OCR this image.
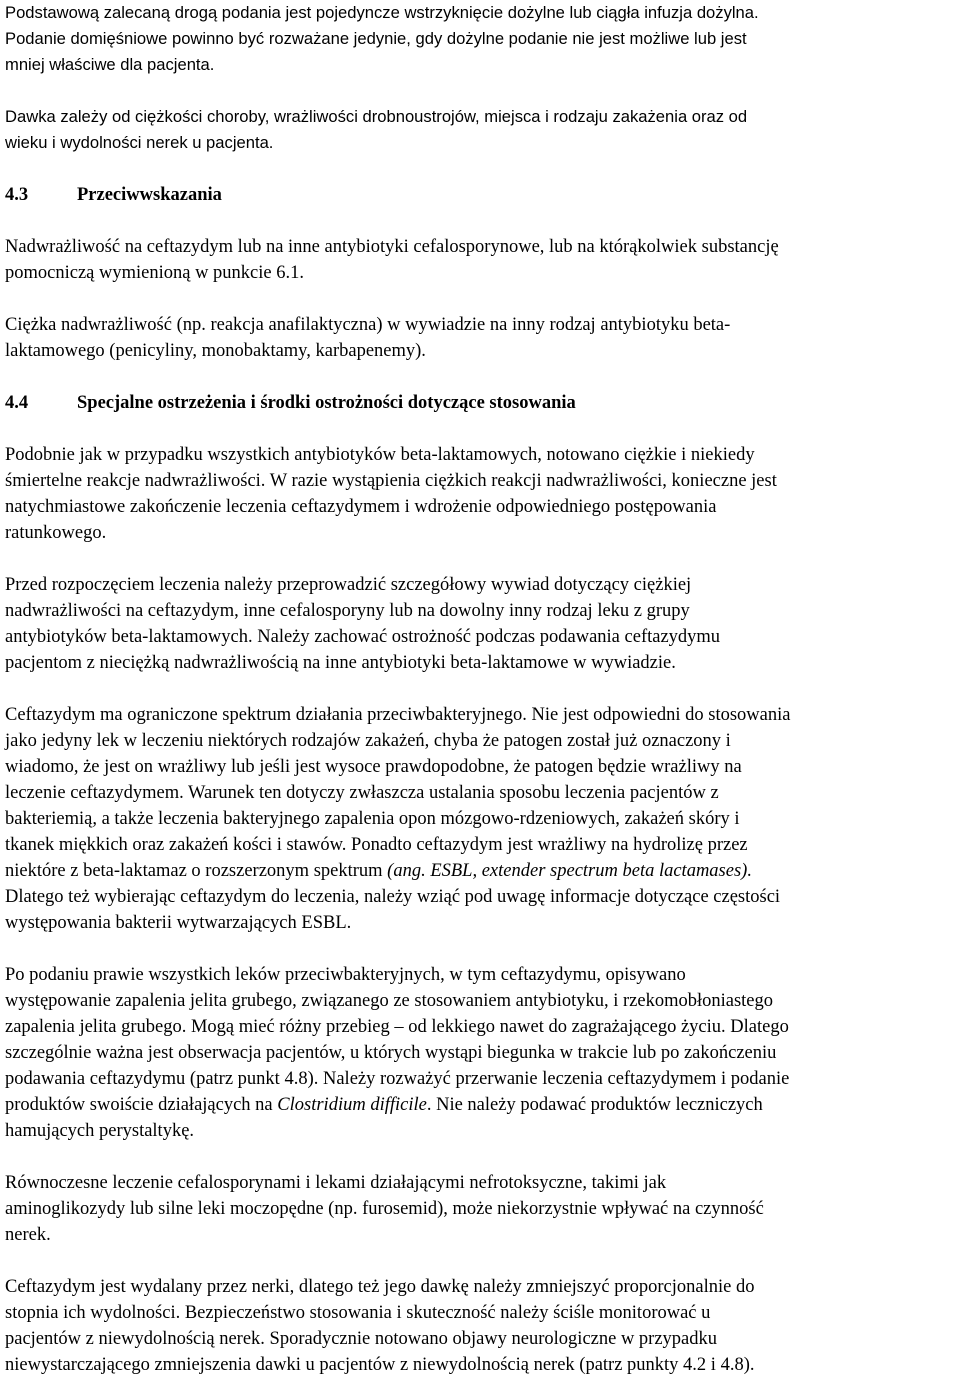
Podstawową zalecaną drogą podania jest pojedyncze wstrzyknięcie dożylne lub ciągła infuzja dożylna.

Podanie domięśniowe powinno być rozważane jedynie, gdy dożylne podanie nie jest możliwe lub jest

mniej właściwe dla pacjenta.

Dawka zależy od ciężkości choroby, wrażliwości drobnoustrojów, miejsca i rodzaju zakażenia oraz od

wieku i wydolności nerek u pacjenta.

4.3	Przeciwwskazania

Nadwrażliwość na ceftazydym lub na inne antybiotyki cefalosporynowe, lub na którąkolwiek substancję

pomocniczą wymienioną w punkcie 6.1.

Ciężka nadwrażliwość (np. reakcja anafilaktyczna) w wywiadzie na inny rodzaj antybiotyku beta-

laktamowego (penicyliny, monobaktamy, karbapenemy).

4.4	Specjalne ostrzeżenia i środki ostrożności dotyczące stosowania

Podobnie jak w przypadku wszystkich antybiotyków beta-laktamowych, notowano ciężkie i niekiedy

śmiertelne reakcje nadwrażliwości. W razie wystąpienia ciężkich reakcji nadwrażliwości, konieczne jest

natychmiastowe zakończenie leczenia ceftazydymem i wdrożenie odpowiedniego postępowania

ratunkowego.

Przed rozpoczęciem leczenia należy przeprowadzić szczegółowy wywiad dotyczący ciężkiej

nadwrażliwości na ceftazydym, inne cefalosporyny lub na dowolny inny rodzaj leku z grupy

antybiotyków beta-laktamowych. Należy zachować ostrożność podczas podawania ceftazydymu

pacjentom z nieciężką nadwrażliwością na inne antybiotyki beta-laktamowe w wywiadzie.

Ceftazydym ma ograniczone spektrum działania przeciwbakteryjnego. Nie jest odpowiedni do stosowania

jako jedyny lek w leczeniu niektórych rodzajów zakażeń, chyba że patogen został już oznaczony i

wiadomo, że jest on wrażliwy lub jeśli jest wysoce prawdopodobne, że patogen będzie wrażliwy na

leczenie ceftazydymem. Warunek ten dotyczy zwłaszcza ustalania sposobu leczenia pacjentów z

bakteriemią, a także leczenia bakteryjnego zapalenia opon mózgowo-rdzeniowych, zakażeń skóry i

tkanek miękkich oraz zakażeń kości i stawów. Ponadto ceftazydym jest wrażliwy na hydrolizę przez

niektóre z beta-laktamaz o rozszerzonym spektrum (ang. ESBL, extender spectrum beta lactamases).

Dlatego też wybierając ceftazydym do leczenia, należy wziąć pod uwagę informacje dotyczące częstości

występowania bakterii wytwarzających ESBL.

Po podaniu prawie wszystkich leków przeciwbakteryjnych, w tym ceftazydymu, opisywano

występowanie zapalenia jelita grubego, związanego ze stosowaniem antybiotyku, i rzekomobłoniastego

zapalenia jelita grubego. Mogą mieć różny przebieg – od lekkiego nawet do zagrażającego życiu. Dlatego

szczególnie ważna jest obserwacja pacjentów, u których wystąpi biegunka w trakcie lub po zakończeniu

podawania ceftazydymu (patrz punkt 4.8). Należy rozważyć przerwanie leczenia ceftazydymem i podanie

produktów swoiście działających na Clostridium difficile. Nie należy podawać produktów leczniczych

hamujących perystaltykę.

Równoczesne leczenie cefalosporynami i lekami działającymi nefrotoksyczne, takimi jak

aminoglikozydy lub silne leki moczopędne (np. furosemid), może niekorzystnie wpływać na czynność

nerek.

Ceftazydym jest wydalany przez nerki, dlatego też jego dawkę należy zmniejszyć proporcjonalnie do

stopnia ich wydolności. Bezpieczeństwo stosowania i skuteczność należy ściśle monitorować u

pacjentów z niewydolnością nerek. Sporadycznie notowano objawy neurologiczne w przypadku

niewystarczającego zmniejszenia dawki u pacjentów z niewydolnością nerek (patrz punkty 4.2 i 4.8).
